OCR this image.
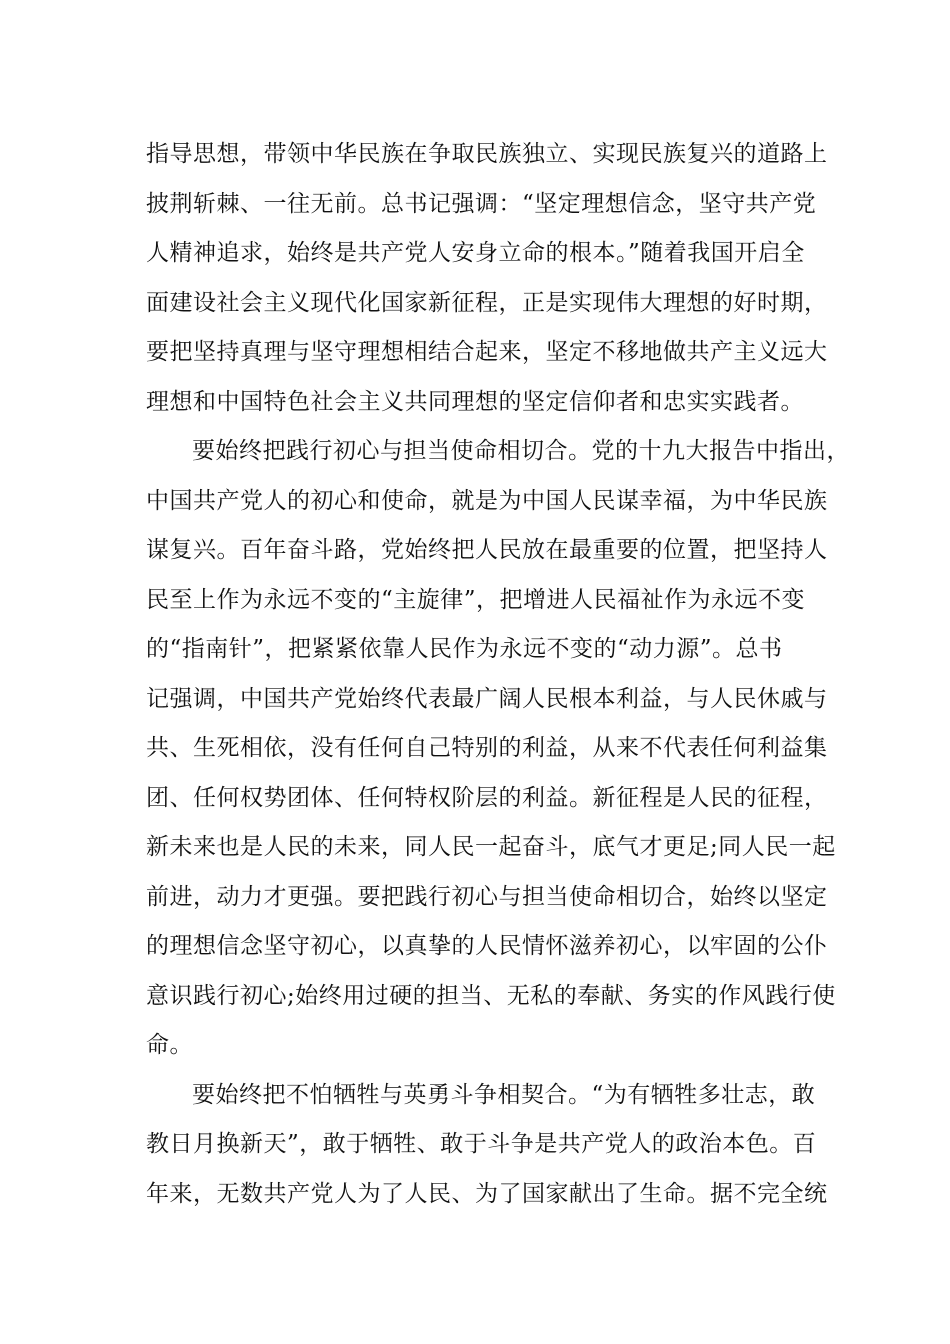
指导思想，带领中华民族在争取民族独立、实现民族复兴的道路上
披荆斩棘、一往无前。总书记强调：“坚定理想信念，坚守共产党
人精神追求，始终是共产党人安身立命的根本。”随着我国开启全
面建设社会主义现代化国家新征程，正是实现伟大理想的好时期，
要把坚持真理与坚守理想相结合起来，坚定不移地做共产主义远大
理想和中国特色社会主义共同理想的坚定信仰者和忠实实践者。
要始终把践行初心与担当使命相切合。党的十九大报告中指出，
中国共产党人的初心和使命，就是为中国人民谋幸福，为中华民族
谋复兴。百年奋斗路，党始终把人民放在最重要的位置，把坚持人
民至上作为永远不变的“主旋律”，把增进人民福祉作为永远不变
的“指南针”，把紧紧依靠人民作为永远不变的“动力源”。总书
记强调，中国共产党始终代表最广阔人民根本利益，与人民休戚与
共、生死相依，没有任何自己特别的利益，从来不代表任何利益集
团、任何权势团体、任何特权阶层的利益。新征程是人民的征程，
新未来也是人民的未来，同人民一起奋斗，底气才更足;同人民一起
前进，动力才更强。要把践行初心与担当使命相切合，始终以坚定
的理想信念坚守初心，以真挚的人民情怀滋养初心，以牢固的公仆
意识践行初心;始终用过硬的担当、无私的奉献、务实的作风践行使
命。
要始终把不怕牺牲与英勇斗争相契合。“为有牺牲多壮志，敢
教日月换新天”，敢于牺牲、敢于斗争是共产党人的政治本色。百
年来，无数共产党人为了人民、为了国家献出了生命。据不完全统
